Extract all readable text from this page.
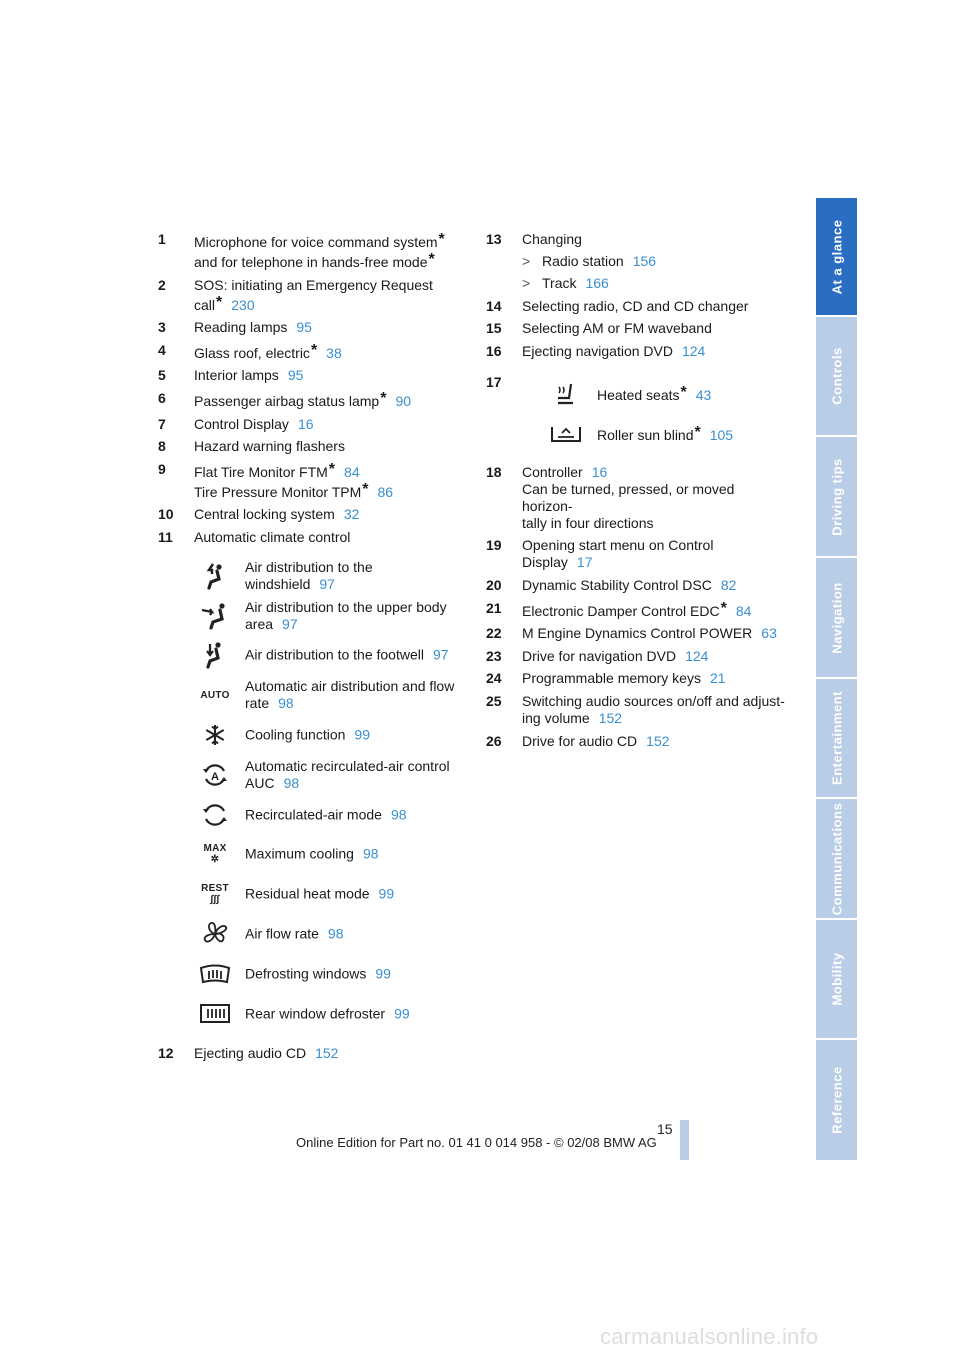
1 Microphone for voice command system*
and for telephone in hands-free mode*
2 SOS: initiating an Emergency Request
call* 230
3 Reading lamps 95
4 Glass roof, electric* 38
5 Interior lamps 95
6 Passenger airbag status lamp* 90
7 Control Display 16
8 Hazard warning flashers
9 Flat Tire Monitor FTM* 84
Tire Pressure Monitor TPM* 86
10 Central locking system 32
11 Automatic climate control
Air distribution to the
windshield 97
Air distribution to the upper body
area 97
Air distribution to the footwell 97
AUTO
Automatic air distribution and flow
rate 98
Cooling function 99
A
Automatic recirculated-air control
AUC 98
Recirculated-air mode 98
MAX
✲	Maximum cooling 98
REST
∫∫∫	Residual heat mode 99
Air flow rate 98
Defrosting windows 99
Rear window defroster 99
12 Ejecting audio CD 152
13 Changing
> Radio station 156
> Track 166
14 Selecting radio, CD and CD changer
15 Selecting AM or FM waveband
16 Ejecting navigation DVD 124
17
Heated seats* 43
Roller sun blind* 105
18 Controller 16
Can be turned, pressed, or moved horizon-
tally in four directions
19 Opening start menu on Control Display 17
20 Dynamic Stability Control DSC 82
21 Electronic Damper Control EDC* 84
22 M Engine Dynamics Control POWER 63
23 Drive for navigation DVD 124
24 Programmable memory keys 21
25 Switching audio sources on/off and adjust-
ing volume 152
26 Drive for audio CD 152
At a glance
Controls
Driving tips
Navigation
Entertainment
Communications
Mobility
Reference
15
Online Edition for Part no. 01 41 0 014 958 - © 02/08 BMW AG
carmanualsonline.info
